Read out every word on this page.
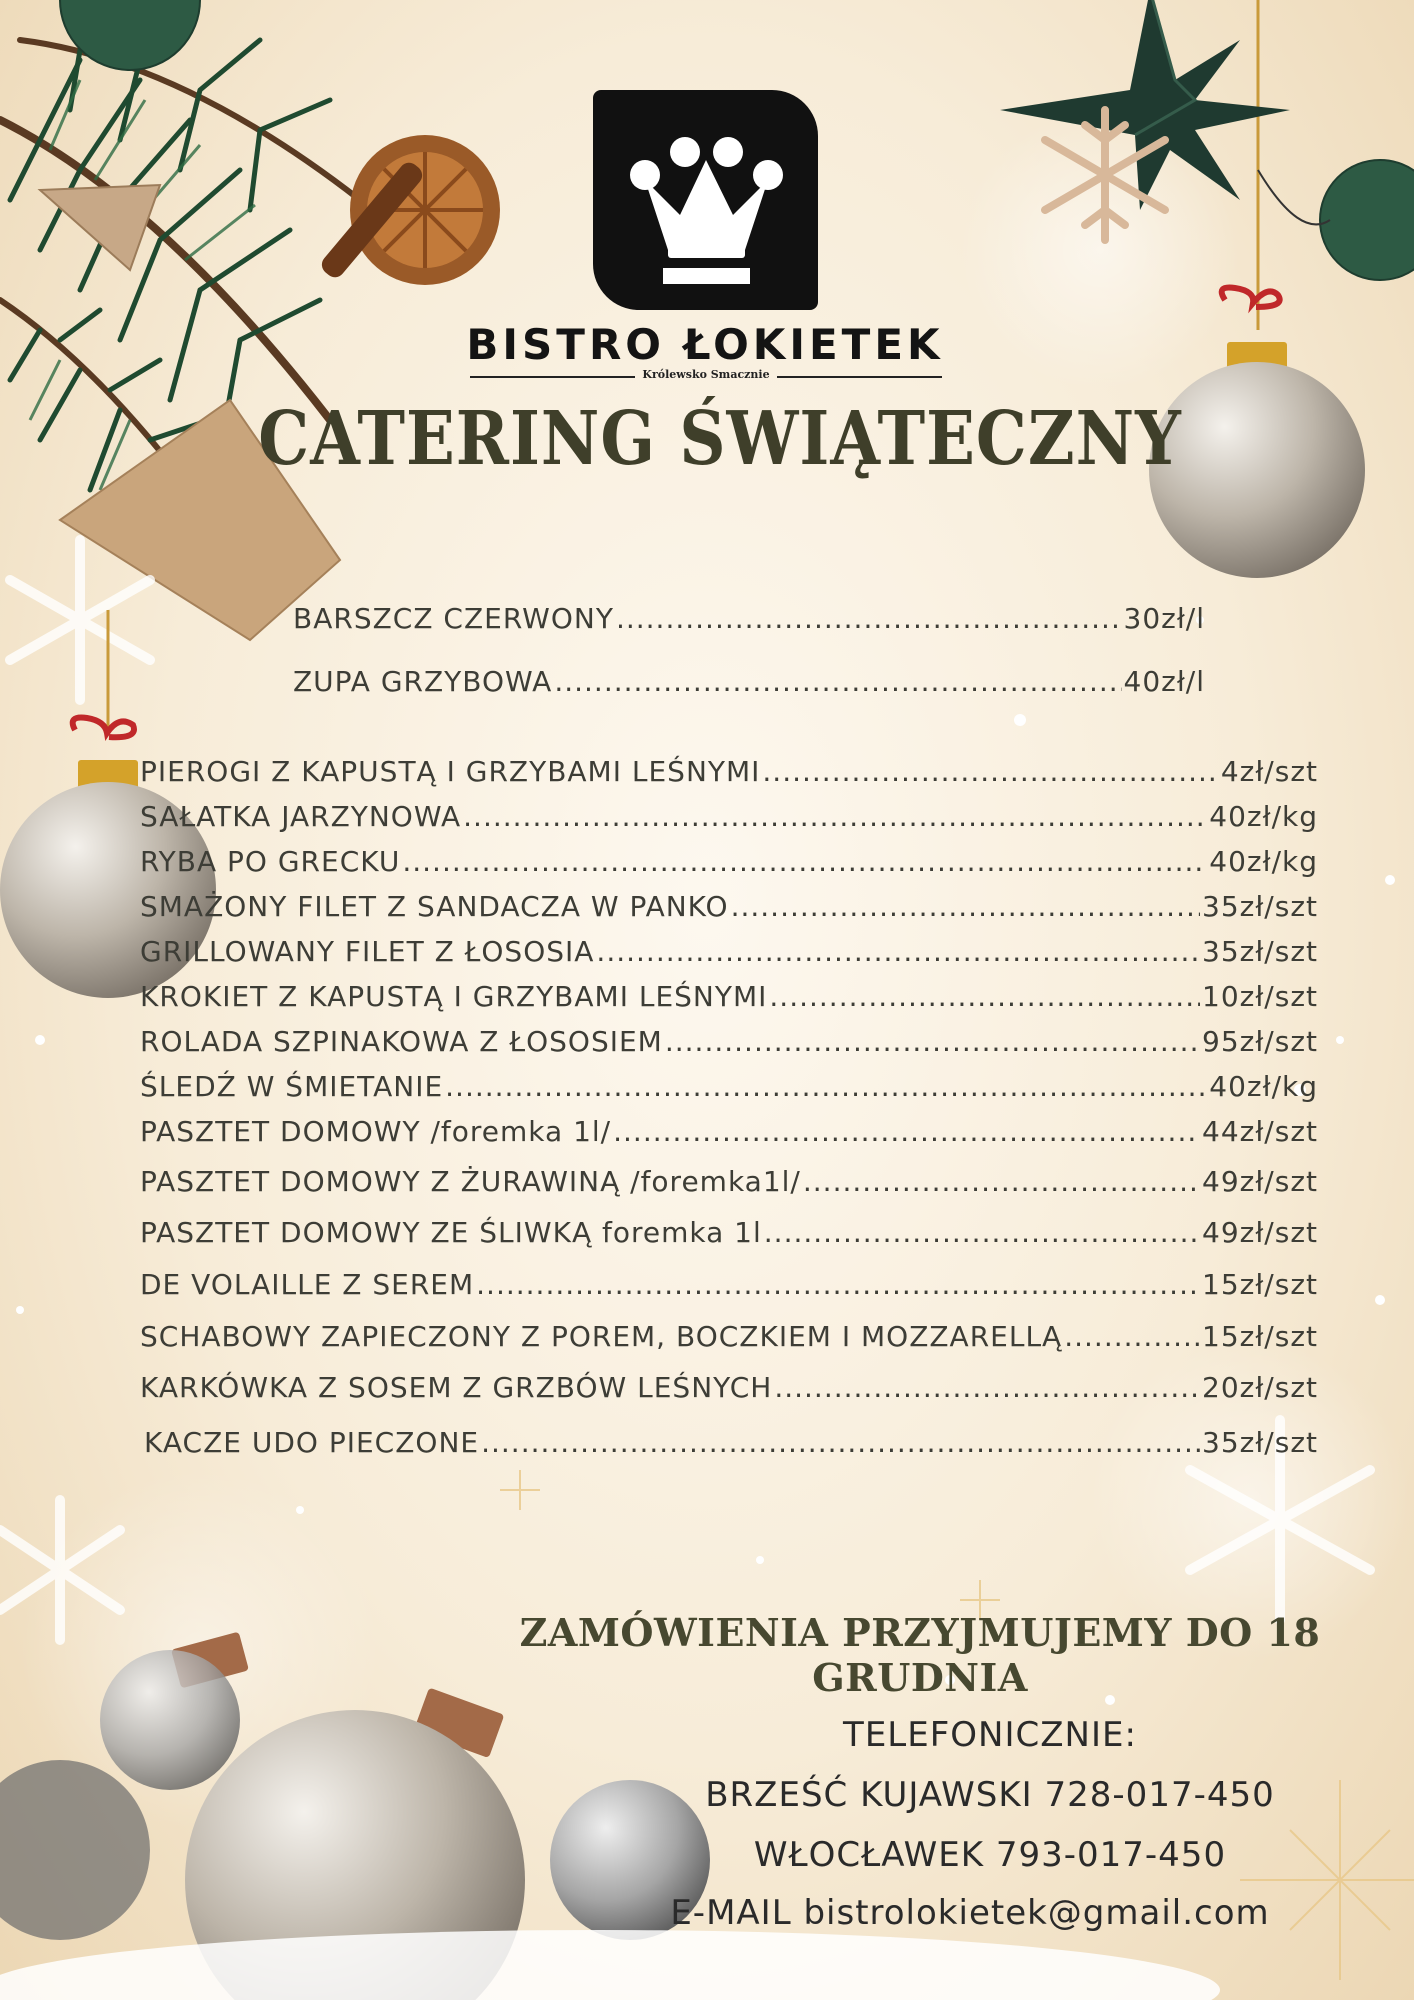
BISTRO ŁOKIETEK
Królewsko Smacznie
CATERING ŚWIĄTECZNY
BARSZCZ CZERWONY .....	30zł/l
ZUPA GRZYBOWA .....	40zł/l
PIEROGI Z KAPUSTĄ I GRZYBAMI LEŚNYMI .....	4zł/szt
SAŁATKA JARZYNOWA .....	40zł/kg
RYBA PO GRECKU .....	40zł/kg
SMAŻONY FILET Z SANDACZA W PANKO .....	35zł/szt
GRILLOWANY FILET Z ŁOSOSIA .....	35zł/szt
KROKIET Z KAPUSTĄ I GRZYBAMI LEŚNYMI .....	10zł/szt
ROLADA SZPINAKOWA Z ŁOSOSIEM .....	95zł/szt
ŚLEDŹ W ŚMIETANIE .....	40zł/kg
PASZTET DOMOWY /foremka 1l/ .....	44zł/szt
PASZTET DOMOWY Z ŻURAWINĄ /foremka1l/ .....	49zł/szt
PASZTET DOMOWY ZE ŚLIWKĄ foremka 1l .....	49zł/szt
DE VOLAILLE Z SEREM .....	15zł/szt
SCHABOWY ZAPIECZONY Z POREM, BOCZKIEM I MOZZARELLĄ .....	15zł/szt
KARKÓWKA Z SOSEM Z GRZBÓW LEŚNYCH .....	20zł/szt
KACZE UDO PIECZONE .....	35zł/szt
ZAMÓWIENIA PRZYJMUJEMY DO 18 GRUDNIA
TELEFONICZNIE:
BRZEŚĆ KUJAWSKI 728-017-450
WŁOCŁAWEK 793-017-450
E-MAIL bistrolokietek@gmail.com
